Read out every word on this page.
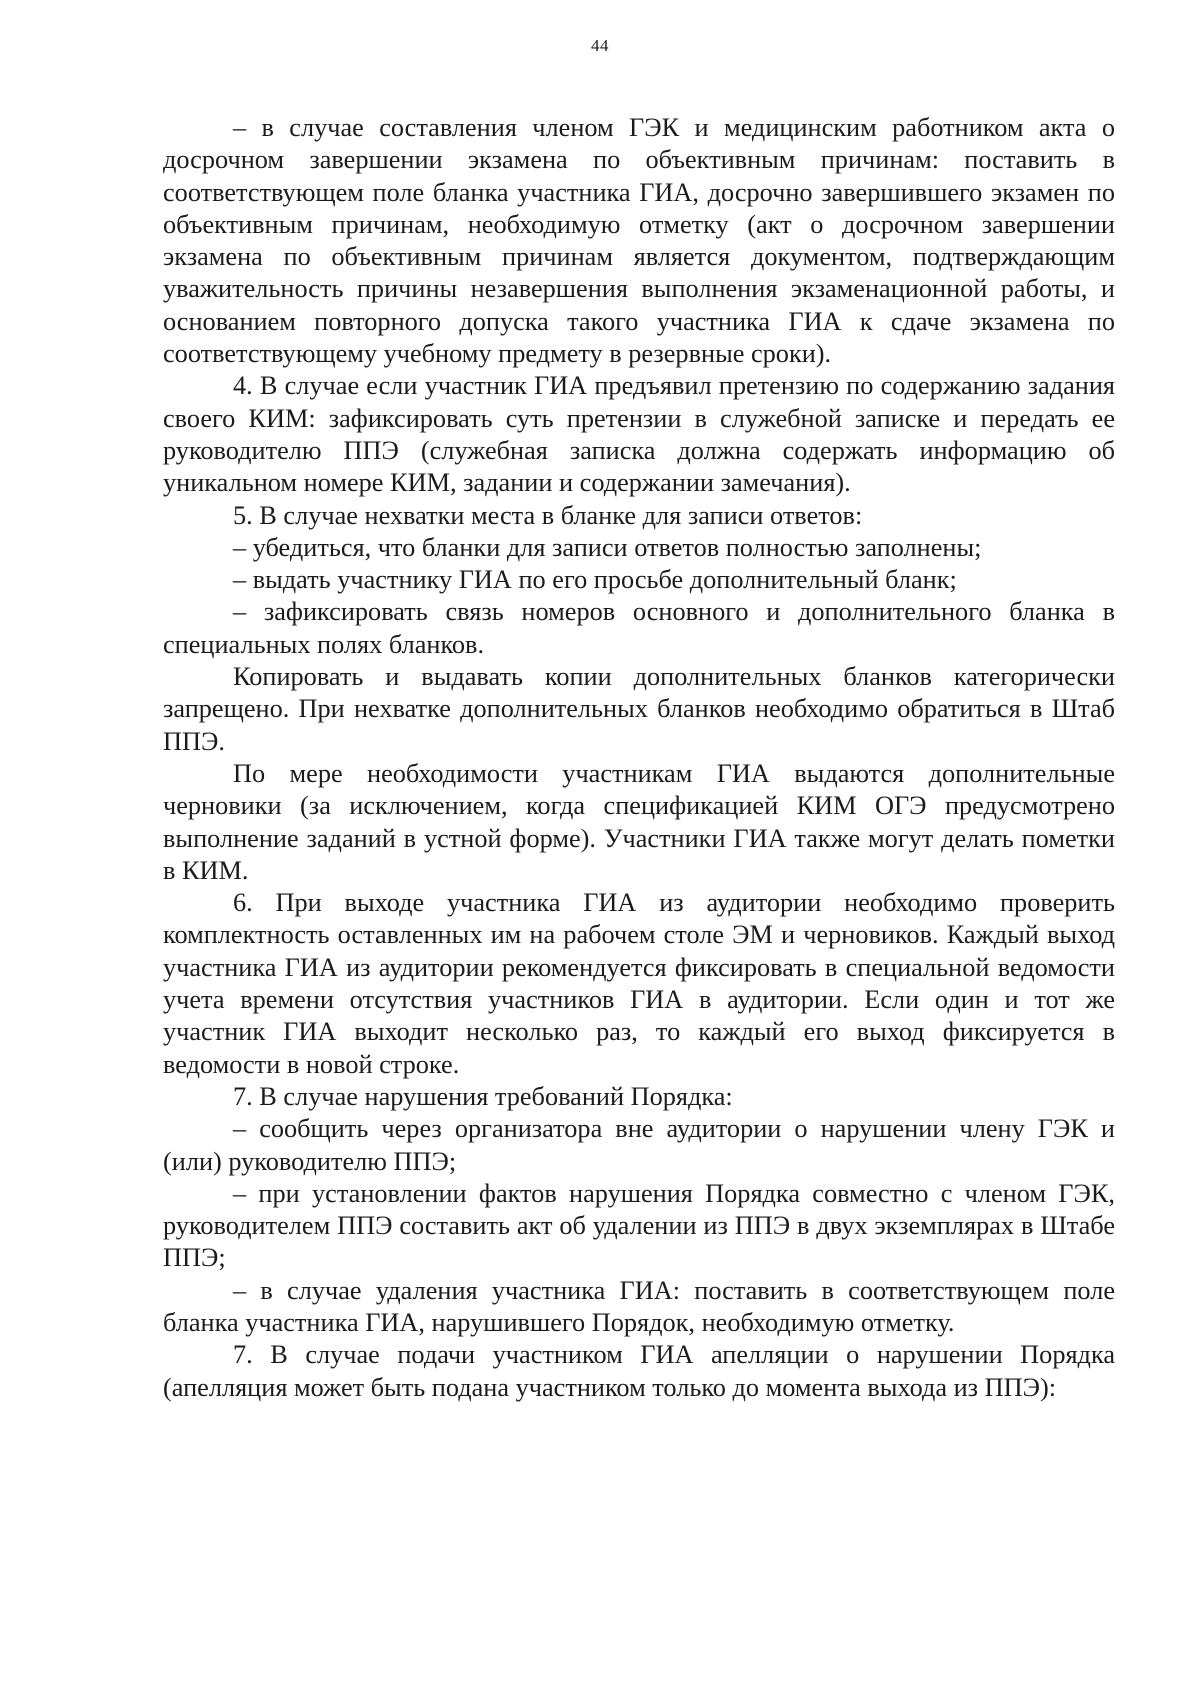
44

– в случае составления членом ГЭК и медицинским работником акта о досрочном завершении экзамена по объективным причинам: поставить в соответствующем поле бланка участника ГИА, досрочно завершившего экзамен по объективным причинам, необходимую отметку (акт о досрочном завершении экзамена по объективным причинам является документом, подтверждающим уважительность причины незавершения выполнения экзаменационной работы, и основанием повторного допуска такого участника ГИА к сдаче экзамена по соответствующему учебному предмету в резервные сроки).

4. В случае если участник ГИА предъявил претензию по содержанию задания своего КИМ: зафиксировать суть претензии в служебной записке и передать ее руководителю ППЭ (служебная записка должна содержать информацию об уникальном номере КИМ, задании и содержании замечания).

5. В случае нехватки места в бланке для записи ответов:

– убедиться, что бланки для записи ответов полностью заполнены;

– выдать участнику ГИА по его просьбе дополнительный бланк;

– зафиксировать связь номеров основного и дополнительного бланка в специальных полях бланков.

Копировать и выдавать копии дополнительных бланков категорически запрещено. При нехватке дополнительных бланков необходимо обратиться в Штаб ППЭ.

По мере необходимости участникам ГИА выдаются дополнительные черновики (за исключением, когда спецификацией КИМ ОГЭ предусмотрено выполнение заданий в устной форме). Участники ГИА также могут делать пометки в КИМ.

6. При выходе участника ГИА из аудитории необходимо проверить комплектность оставленных им на рабочем столе ЭМ и черновиков. Каждый выход участника ГИА из аудитории рекомендуется фиксировать в специальной ведомости учета времени отсутствия участников ГИА в аудитории. Если один и тот же участник ГИА выходит несколько раз, то каждый его выход фиксируется в ведомости в новой строке.

7. В случае нарушения требований Порядка:

– сообщить через организатора вне аудитории о нарушении члену ГЭК и (или) руководителю ППЭ;

– при установлении фактов нарушения Порядка совместно с членом ГЭК, руководителем ППЭ составить акт об удалении из ППЭ в двух экземплярах в Штабе ППЭ;

– в случае удаления участника ГИА: поставить в соответствующем поле бланка участника ГИА, нарушившего Порядок, необходимую отметку.

7. В случае подачи участником ГИА апелляции о нарушении Порядка (апелляция может быть подана участником только до момента выхода из ППЭ):
